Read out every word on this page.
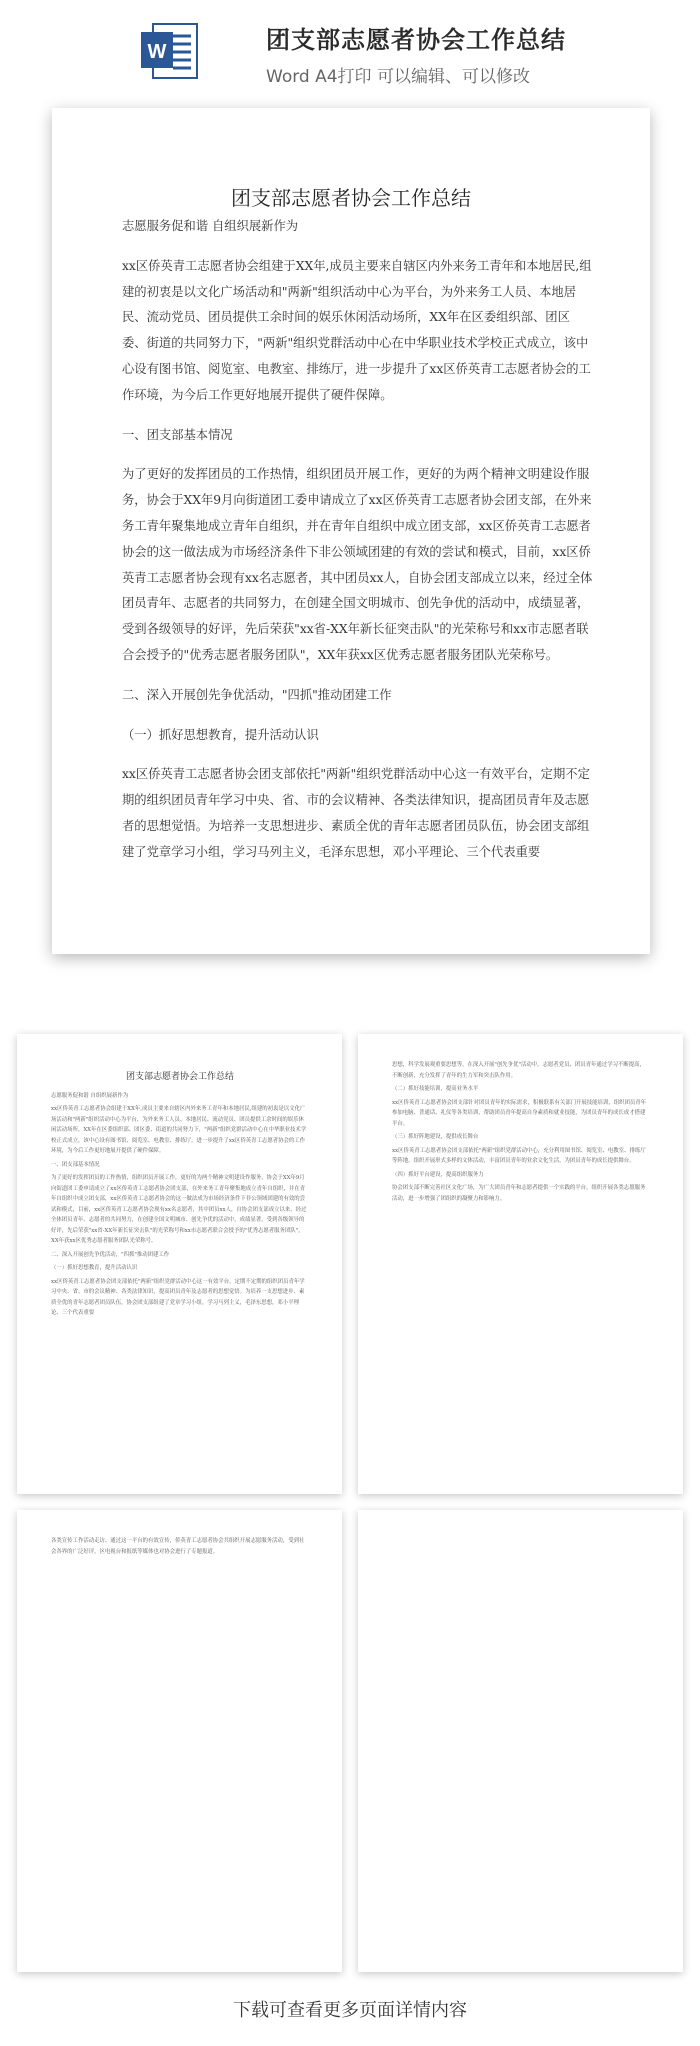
W	团支部志愿者协会工作总结
Word A4打印 可以编辑、可以修改
团支部志愿者协会工作总结

志愿服务促和谐 自组织展新作为

xx区侨英青工志愿者协会组建于XX年,成员主要来自辖区内外来务工青年和本地居民,组建的初衷是以文化广场活动和"两新"组织活动中心为平台，为外来务工人员、本地居民、流动党员、团员提供工余时间的娱乐休闲活动场所，XX年在区委组织部、团区委、街道的共同努力下，"两新"组织党群活动中心在中华职业技术学校正式成立，该中心设有图书馆、阅览室、电教室、排练厅，进一步提升了xx区侨英青工志愿者协会的工作环境，为今后工作更好地展开提供了硬件保障。

一、团支部基本情况

为了更好的发挥团员的工作热情，组织团员开展工作，更好的为两个精神文明建设作服务，协会于XX年9月向街道团工委申请成立了xx区侨英青工志愿者协会团支部，在外来务工青年聚集地成立青年自组织，并在青年自组织中成立团支部，xx区侨英青工志愿者协会的这一做法成为市场经济条件下非公领域团建的有效的尝试和模式，目前，xx区侨英青工志愿者协会现有xx名志愿者，其中团员xx人，自协会团支部成立以来，经过全体团员青年、志愿者的共同努力，在创建全国文明城市、创先争优的活动中，成绩显著，受到各级领导的好评，先后荣获"xx省-XX年新长征突击队"的光荣称号和xx市志愿者联合会授予的"优秀志愿者服务团队"，XX年获xx区优秀志愿者服务团队光荣称号。

二、深入开展创先争优活动，"四抓"推动团建工作

（一）抓好思想教育，提升活动认识

xx区侨英青工志愿者协会团支部依托"两新"组织党群活动中心这一有效平台，定期不定期的组织团员青年学习中央、省、市的会议精神、各类法律知识，提高团员青年及志愿者的思想觉悟。为培养一支思想进步、素质全优的青年志愿者团员队伍，协会团支部组建了党章学习小组，学习马列主义，毛泽东思想，邓小平理论、三个代表重要

团支部志愿者协会工作总结

志愿服务促和谐 自组织展新作为

xx区侨英青工志愿者协会组建于XX年,成员主要来自辖区内外来务工青年和本地居民,组建的初衷是以文化广场活动和"两新"组织活动中心为平台，为外来务工人员、本地居民、流动党员、团员提供工余时间的娱乐休闲活动场所，XX年在区委组织部、团区委、街道的共同努力下，"两新"组织党群活动中心在中华职业技术学校正式成立，该中心设有图书馆、阅览室、电教室、排练厅，进一步提升了xx区侨英青工志愿者协会的工作环境，为今后工作更好地展开提供了硬件保障。

一、团支部基本情况

为了更好的发挥团员的工作热情，组织团员开展工作，更好的为两个精神文明建设作服务，协会于XX年9月向街道团工委申请成立了xx区侨英青工志愿者协会团支部，在外来务工青年聚集地成立青年自组织，并在青年自组织中成立团支部，xx区侨英青工志愿者协会的这一做法成为市场经济条件下非公领域团建的有效的尝试和模式，目前，xx区侨英青工志愿者协会现有xx名志愿者，其中团员xx人，自协会团支部成立以来，经过全体团员青年、志愿者的共同努力，在创建全国文明城市、创先争优的活动中，成绩显著，受到各级领导的好评，先后荣获"xx省-XX年新长征突击队"的光荣称号和xx市志愿者联合会授予的"优秀志愿者服务团队"，XX年获xx区优秀志愿者服务团队光荣称号。

二、深入开展创先争优活动，"四抓"推动团建工作

（一）抓好思想教育，提升活动认识

xx区侨英青工志愿者协会团支部依托"两新"组织党群活动中心这一有效平台，定期不定期的组织团员青年学习中央、省、市的会议精神、各类法律知识，提高团员青年及志愿者的思想觉悟。为培养一支思想进步、素质全优的青年志愿者团员队伍，协会团支部组建了党章学习小组，学习马列主义，毛泽东思想，邓小平理论、三个代表重要

思想，科学发展观重要思想等。在深入开展"创先争优"活动中，志愿者党员、团员青年通过学习不断提高，不断创新，充分发挥了青年的生力军和突击队作用。

（二）抓好技能培训，提高业务水平

xx区侨英青工志愿者协会团支部针对团员青年的实际需求，积极联系有关部门开展技能培训，组织团员青年参加电脑、普通话、礼仪等各类培训，帮助团员青年提高自身素质和就业技能，为团员青年的成长成才搭建平台。

（三）抓好阵地建设，提供成长舞台

xx区侨英青工志愿者协会团支部依托"两新"组织党群活动中心，充分利用图书馆、阅览室、电教室、排练厅等阵地，组织开展形式多样的文体活动，丰富团员青年的业余文化生活，为团员青年的成长提供舞台。

（四）抓好平台建设，提高组织服务力

协会团支部不断完善社区文化广场，为广大团员青年和志愿者提供一个实践的平台，组织开展各类志愿服务活动，进一步增强了团组织的凝聚力和影响力。

各类宣传工作活动走访、通过这一平台的有效宣传，侨英青工志愿者协会共组织开展志愿服务活动，受到社会各界的广泛好评，区电视台和报纸等媒体也对协会进行了专题报道。

下载可查看更多页面详情内容
